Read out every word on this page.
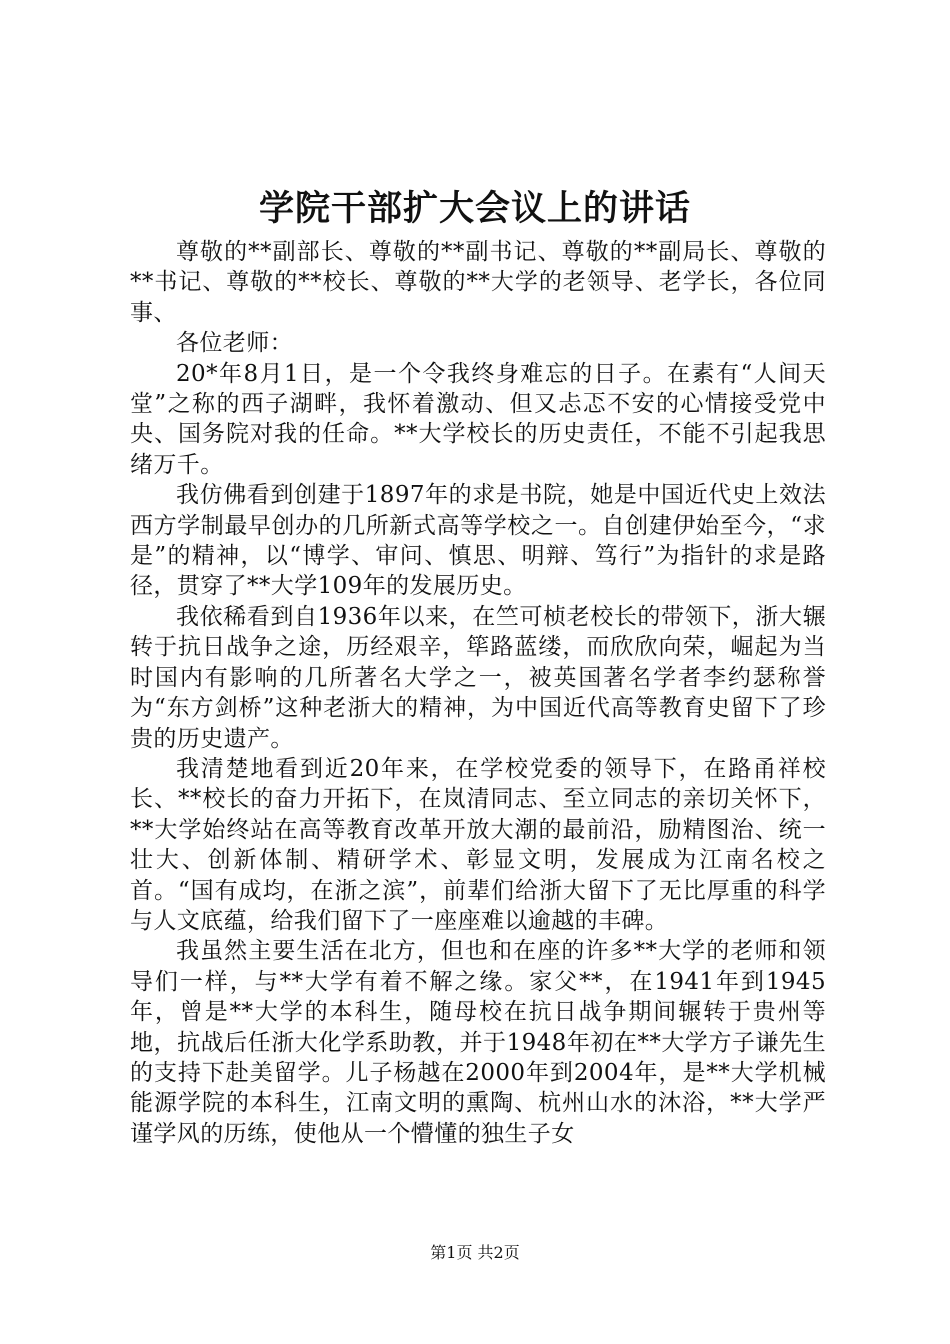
学院干部扩大会议上的讲话

尊敬的**副部长、尊敬的**副书记、尊敬的**副局长、尊敬的**书记、尊敬的**校长、尊敬的**大学的老领导、老学长，各位同事、

各位老师：

20*年8月1日，是一个令我终身难忘的日子。在素有“人间天堂”之称的西子湖畔，我怀着激动、但又忐忑不安的心情接受党中央、国务院对我的任命。**大学校长的历史责任，不能不引起我思绪万千。

我仿佛看到创建于1897年的求是书院，她是中国近代史上效法西方学制最早创办的几所新式高等学校之一。自创建伊始至今，“求是”的精神，以“博学、审问、慎思、明辩、笃行”为指针的求是路径，贯穿了**大学109年的发展历史。

我依稀看到自1936年以来，在竺可桢老校长的带领下，浙大辗转于抗日战争之途，历经艰辛，筚路蓝缕，而欣欣向荣，崛起为当时国内有影响的几所著名大学之一，被英国著名学者李约瑟称誉为“东方剑桥”这种老浙大的精神，为中国近代高等教育史留下了珍贵的历史遗产。

我清楚地看到近20年来，在学校党委的领导下，在路甬祥校长、**校长的奋力开拓下，在岚清同志、至立同志的亲切关怀下，**大学始终站在高等教育改革开放大潮的最前沿，励精图治、统一壮大、创新体制、精研学术、彰显文明，发展成为江南名校之首。“国有成均，在浙之滨”，前辈们给浙大留下了无比厚重的科学与人文底蕴，给我们留下了一座座难以逾越的丰碑。

我虽然主要生活在北方，但也和在座的许多**大学的老师和领导们一样，与**大学有着不解之缘。家父**，在1941年到1945年，曾是**大学的本科生，随母校在抗日战争期间辗转于贵州等地，抗战后任浙大化学系助教，并于1948年初在**大学方子谦先生的支持下赴美留学。儿子杨越在2000年到2004年，是**大学机械能源学院的本科生，江南文明的熏陶、杭州山水的沐浴，**大学严谨学风的历练，使他从一个懵懂的独生子女

第1页 共2页
